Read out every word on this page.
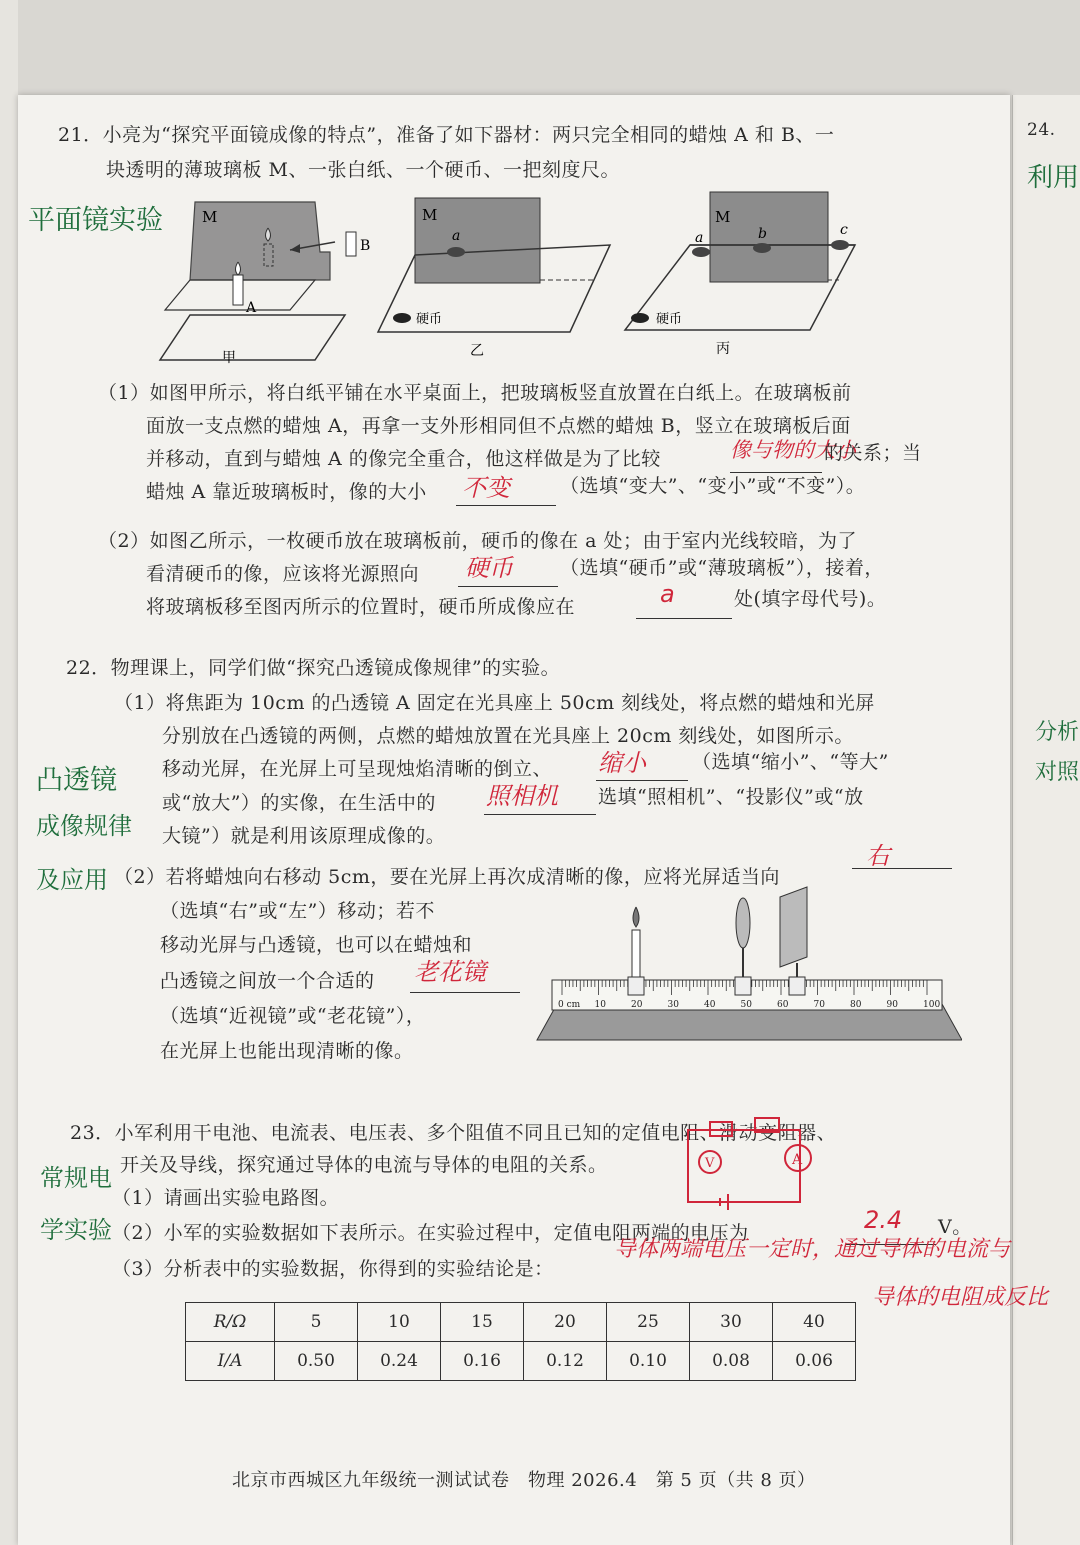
24.
利用
分析
对照
21．小亮为“探究平面镜成像的特点”，准备了如下器材：两只完全相同的蜡烛 A 和 B、一
块透明的薄玻璃板 M、一张白纸、一个硬币、一把刻度尺。
平面镜实验
A
B
M
甲
a
M
硬币
乙
a	b	c
M
硬币
丙
（1）如图甲所示，将白纸平铺在水平桌面上，把玻璃板竖直放置在白纸上。在玻璃板前
面放一支点燃的蜡烛 A，再拿一支外形相同但不点燃的蜡烛 B，竖立在玻璃板后面
并移动，直到与蜡烛 A 的像完全重合，他这样做是为了比较	像与物的大小
的关系；当
蜡烛 A 靠近玻璃板时，像的大小 不变	（选填“变大”、“变小”或“不变”）。
（2）如图乙所示，一枚硬币放在玻璃板前，硬币的像在 a 处；由于室内光线较暗，为了
看清硬币的像，应该将光源照向 硬币 （选填“硬币”或“薄玻璃板”），接着，
将玻璃板移至图丙所示的位置时，硬币所成像应在	a	处(填字母代号)。
22．物理课上，同学们做“探究凸透镜成像规律”的实验。
（1）将焦距为 10cm 的凸透镜 A 固定在光具座上 50cm 刻线处，将点燃的蜡烛和光屏
分别放在凸透镜的两侧，点燃的蜡烛放置在光具座上 20cm 刻线处，如图所示。
移动光屏，在光屏上可呈现烛焰清晰的倒立、 缩小 （选填“缩小”、“等大”
或“放大”）的实像，在生活中的 照相机 选填“照相机”、“投影仪”或“放
大镜”）就是利用该原理成像的。
凸透镜
成像规律
及应用 （2）若将蜡烛向右移动 5cm，要在光屏上再次成清晰的像，应将光屏适当向
右
（选填“右”或“左”）移动；若不
移动光屏与凸透镜，也可以在蜡烛和
凸透镜之间放一个合适的 老花镜
（选填“近视镜”或“老花镜”），
在光屏上也能出现清晰的像。
0 cm 10	20	30	40	50	60	70	80	90	100
23．小军利用干电池、电流表、电压表、多个阻值不同且已知的定值电阻、滑动变阻器、
开关及导线，探究通过导体的电流与导体的电阻的关系。
常规电
学实验
V	A
（1）请画出实验电路图。
（2）小军的实验数据如下表所示。在实验过程中，定值电阻两端的电压为	2.4 V。
（3）分析表中的实验数据，你得到的实验结论是：
导体两端电压一定时，通过导体的电流与
导体的电阻成反比
R/Ω	5	10	15	20	25	30	40
I/A	0.50	0.24	0.16	0.12	0.10	0.08	0.06
北京市西城区九年级统一测试试卷　物理 2026.4　第 5 页（共 8 页）
